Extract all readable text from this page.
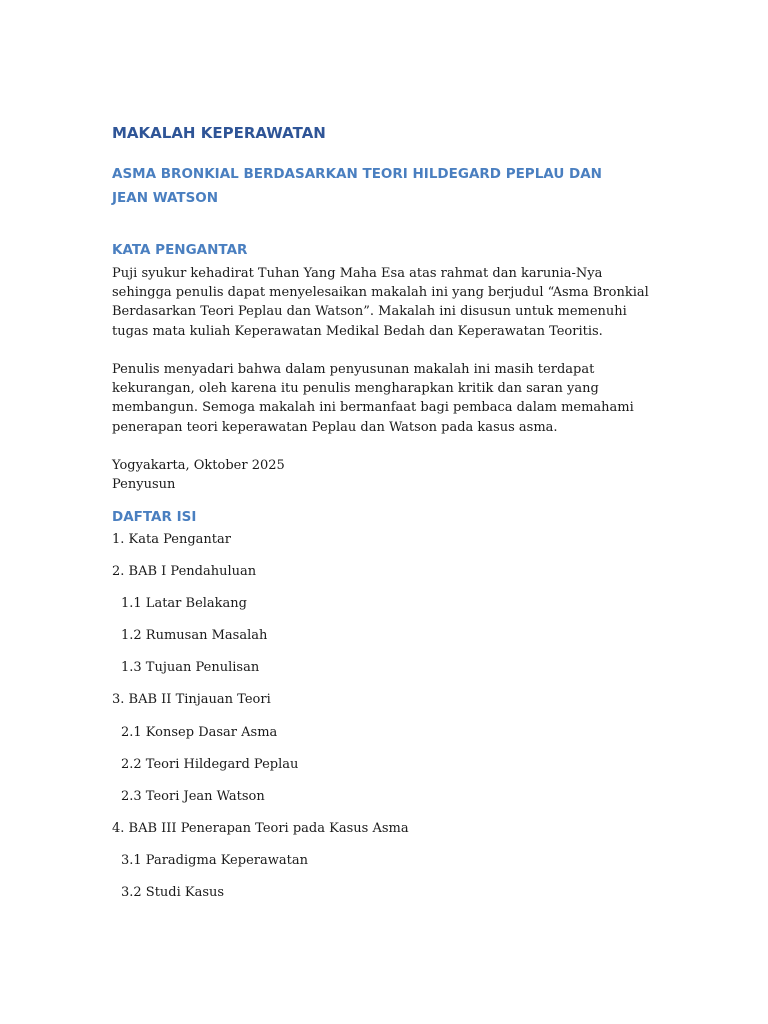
MAKALAH KEPERAWATAN
ASMA BRONKIAL BERDASARKAN TEORI HILDEGARD PEPLAU DAN JEAN WATSON
KATA PENGANTAR

Puji syukur kehadirat Tuhan Yang Maha Esa atas rahmat dan karunia-Nya sehingga penulis dapat menyelesaikan makalah ini yang berjudul “Asma Bronkial Berdasarkan Teori Peplau dan Watson”. Makalah ini disusun untuk memenuhi tugas mata kuliah Keperawatan Medikal Bedah dan Keperawatan Teoritis.

Penulis menyadari bahwa dalam penyusunan makalah ini masih terdapat kekurangan, oleh karena itu penulis mengharapkan kritik dan saran yang membangun. Semoga makalah ini bermanfaat bagi pembaca dalam memahami penerapan teori keperawatan Peplau dan Watson pada kasus asma.

Yogyakarta, Oktober 2025

Penyusun

DAFTAR ISI
1. Kata Pengantar
2. BAB I Pendahuluan
1.1 Latar Belakang
1.2 Rumusan Masalah
1.3 Tujuan Penulisan
3. BAB II Tinjauan Teori
2.1 Konsep Dasar Asma
2.2 Teori Hildegard Peplau
2.3 Teori Jean Watson
4. BAB III Penerapan Teori pada Kasus Asma
3.1 Paradigma Keperawatan
3.2 Studi Kasus
